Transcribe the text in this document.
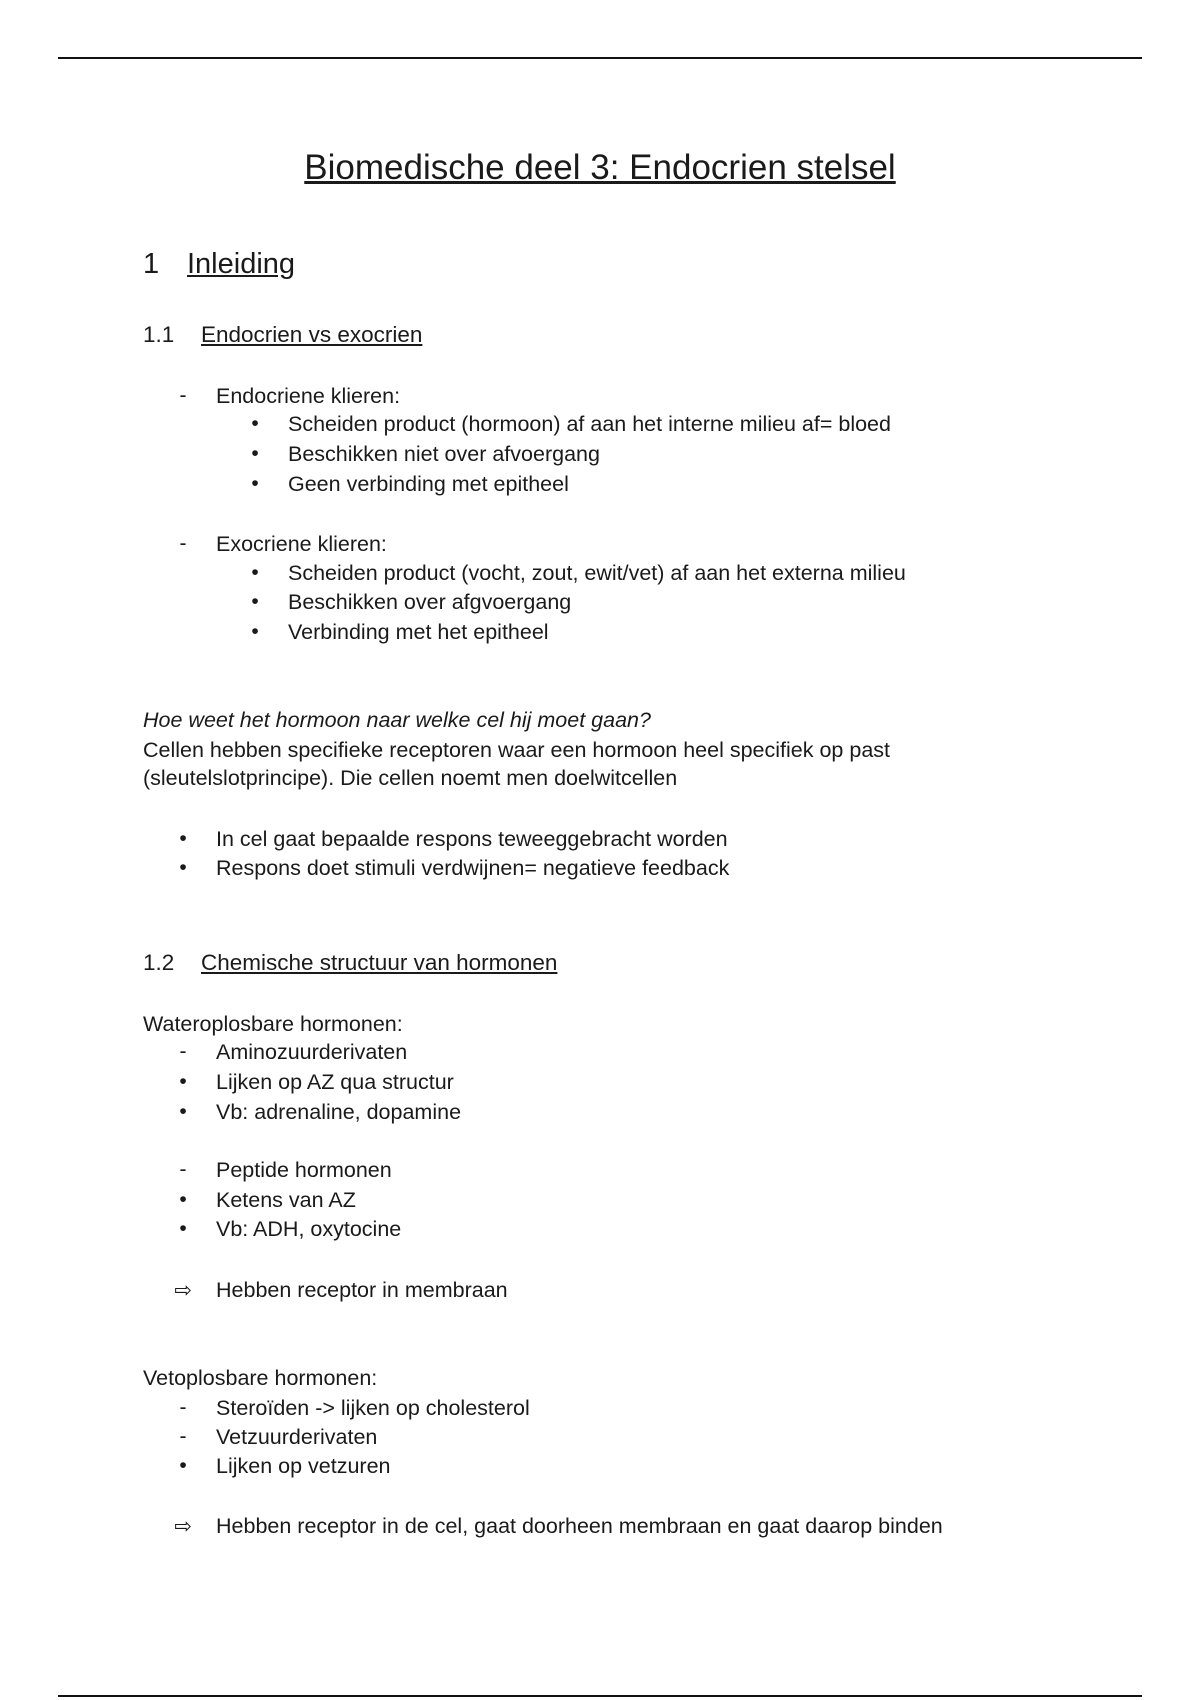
Biomedische deel 3: Endocrien stelsel
1 Inleiding
1.1 Endocrien vs exocrien
-	Endocriene klieren:
• Scheiden product (hormoon) af aan het interne milieu af= bloed
• Beschikken niet over afvoergang
• Geen verbinding met epitheel
-	Exocriene klieren:
• Scheiden product (vocht, zout, ewit/vet) af aan het externa milieu
• Beschikken over afgvoergang
• Verbinding met het epitheel
Hoe weet het hormoon naar welke cel hij moet gaan?
Cellen hebben specifieke receptoren waar een hormoon heel specifiek op past
(sleutelslotprincipe). Die cellen noemt men doelwitcellen
• In cel gaat bepaalde respons teweeggebracht worden
• Respons doet stimuli verdwijnen= negatieve feedback
1.2 Chemische structuur van hormonen
Wateroplosbare hormonen:
-	Aminozuurderivaten
• Lijken op AZ qua structur
• Vb: adrenaline, dopamine
-	Peptide hormonen
• Ketens van AZ
• Vb: ADH, oxytocine
⇨ Hebben receptor in membraan
Vetoplosbare hormonen:
-	Steroïden -> lijken op cholesterol
-	Vetzuurderivaten
• Lijken op vetzuren
⇨ Hebben receptor in de cel, gaat doorheen membraan en gaat daarop binden
